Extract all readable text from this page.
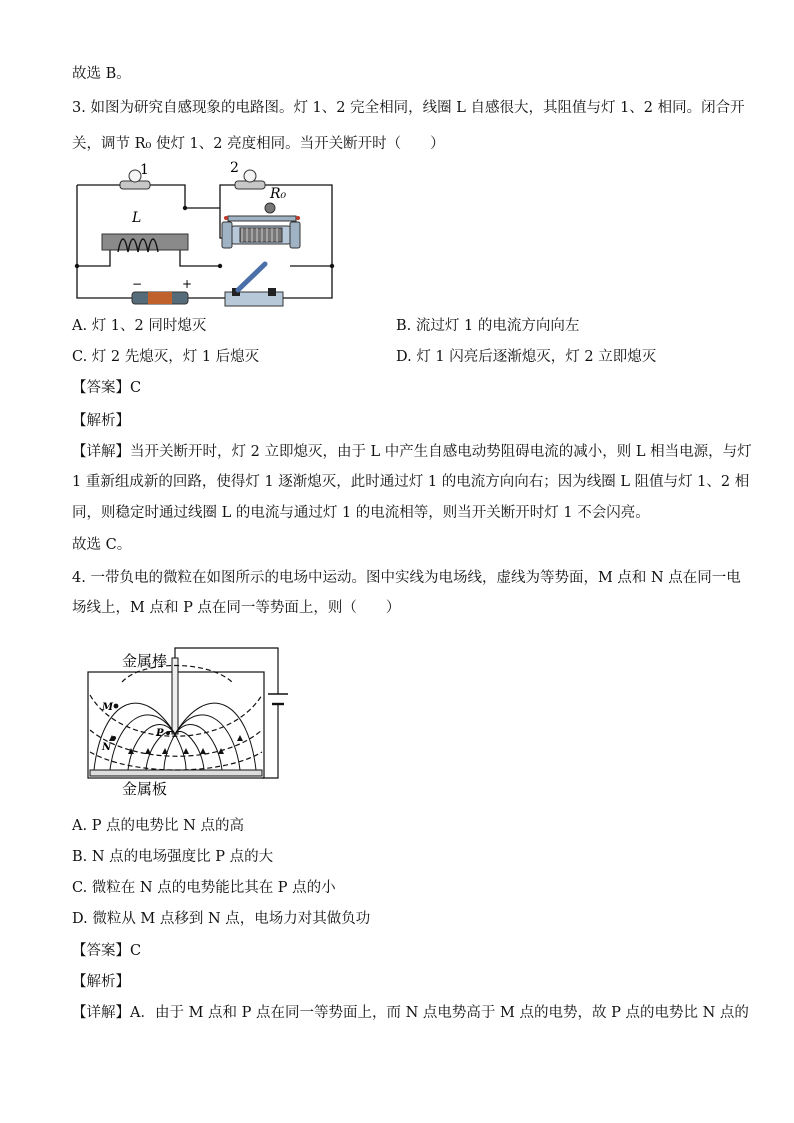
故选 B。
3. 如图为研究自感现象的电路图。灯 1、2 完全相同，线圈 L 自感很大，其阻值与灯 1、2 相同。闭合开
关，调节 R₀ 使灯 1、2 亮度相同。当开关断开时（　　）
1	2
L
R₀
−	+
A. 灯 1、2 同时熄灭	B. 流过灯 1 的电流方向向左
C. 灯 2 先熄灭，灯 1 后熄灭	D. 灯 1 闪亮后逐渐熄灭，灯 2 立即熄灭
【答案】C
【解析】
【详解】当开关断开时，灯 2 立即熄灭，由于 L 中产生自感电动势阻碍电流的减小，则 L 相当电源，与灯
1 重新组成新的回路，使得灯 1 逐渐熄灭，此时通过灯 1 的电流方向向右；因为线圈 L 阻值与灯 1、2 相
同，则稳定时通过线圈 L 的电流与通过灯 1 的电流相等，则当开关断开时灯 1 不会闪亮。
故选 C。
4. 一带负电的微粒在如图所示的电场中运动。图中实线为电场线，虚线为等势面，M 点和 N 点在同一电
场线上，M 点和 P 点在同一等势面上，则（　　）
M
N
P
金属棒
金属板
A. P 点的电势比 N 点的高
B. N 点的电场强度比 P 点的大
C. 微粒在 N 点的电势能比其在 P 点的小
D. 微粒从 M 点移到 N 点，电场力对其做负功
【答案】C
【解析】
【详解】A．由于 M 点和 P 点在同一等势面上，而 N 点电势高于 M 点的电势，故 P 点的电势比 N 点的
